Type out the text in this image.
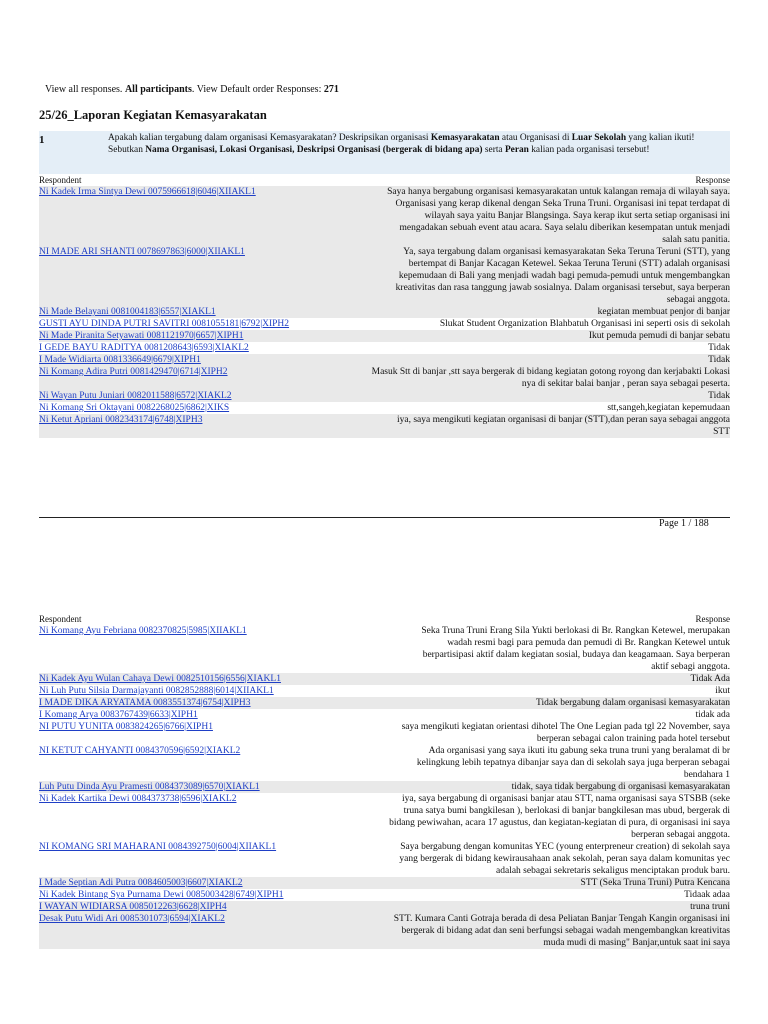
View all responses. All participants. View Default order Responses: 271
25/26_Laporan Kegiatan Kemasyarakatan
1	Apakah kalian tergabung dalam organisasi Kemasyarakatan? Deskripsikan organisasi Kemasyarakatan atau Organisasi di Luar Sekolah yang kalian ikuti! Sebutkan Nama Organisasi, Lokasi Organisasi, Deskripsi Organisasi (bergerak di bidang apa) serta Peran kalian pada organisasi tersebut!
Respondent	Response
Ni Kadek Irma Sintya Dewi 0075966618|6046|XIIAKL1	Saya hanya bergabung organisasi kemasyarakatan untuk kalangan remaja di wilayah saya. Organisasi yang kerap dikenal dengan Seka Truna Truni. Organisasi ini tepat terdapat di wilayah saya yaitu Banjar Blangsinga. Saya kerap ikut serta setiap organisasi ini mengadakan sebuah event atau acara. Saya selalu diberikan kesempatan untuk menjadi salah satu panitia.
NI MADE ARI SHANTI 0078697863|6000|XIIAKL1	Ya, saya tergabung dalam organisasi kemasyarakatan Seka Teruna Teruni (STT), yang bertempat di Banjar Kacagan Ketewel. Sekaa Teruna Teruni (STT) adalah organisasi kepemudaan di Bali yang menjadi wadah bagi pemuda-pemudi untuk mengembangkan kreativitas dan rasa tanggung jawab sosialnya. Dalam organisasi tersebut, saya berperan sebagai anggota.
Ni Made Belayani 0081004183|6557|XIAKL1	kegiatan membuat penjor di banjar
GUSTI AYU DINDA PUTRI SAVITRI 0081055181|6792|XIPH2	Slukat Student Organization Blahbatuh Organisasi ini seperti osis di sekolah
Ni Made Piranita Setyawati 0081121970|6657|XIPH1	Ikut pemuda pemudi di banjar sebatu
I GEDE BAYU RADITYA 0081208643|6593|XIAKL2	Tidak
I Made Widiarta 0081336649|6679|XIPH1	Tidak
Ni Komang Adira Putri 0081429470|6714|XIPH2	Masuk Stt di banjar ,stt saya bergerak di bidang kegiatan gotong royong dan kerjabakti Lokasi nya di sekitar balai banjar , peran saya sebagai peserta.
Ni Wayan Putu Juniari 0082011588|6572|XIAKL2	Tidak
Ni Komang Sri Oktayani 0082268025|6862|XIKS	stt,sangeh,kegiatan kepemudaan
Ni Ketut Apriani 0082343174|6748|XIPH3	iya, saya mengikuti kegiatan organisasi di banjar (STT),dan peran saya sebagai anggota STT
Page 1 / 188
Respondent	Response
Ni Komang Ayu Febriana 0082370825|5985|XIIAKL1	Seka Truna Truni Erang Sila Yukti berlokasi di Br. Rangkan Ketewel, merupakan wadah resmi bagi para pemuda dan pemudi di Br. Rangkan Ketewel untuk berpartisipasi aktif dalam kegiatan sosial, budaya dan keagamaan. Saya berperan aktif sebagi anggota.
Ni Kadek Ayu Wulan Cahaya Dewi 0082510156|6556|XIAKL1	Tidak Ada
Ni Luh Putu Silsia Darmajayanti 0082852888|6014|XIIAKL1	ikut
I MADE DIKA ARYATAMA 0083551374|6754|XIPH3	Tidak bergabung dalam organisasi kemasyarakatan
I Komang Arya 0083767439|6633|XIPH1	tidak ada
NI PUTU YUNITA 0083824265|6766|XIPH1	saya mengikuti kegiatan orientasi dihotel The One Legian pada tgl 22 November, saya berperan sebagai calon training pada hotel tersebut
NI KETUT CAHYANTI 0084370596|6592|XIAKL2	Ada organisasi yang saya ikuti itu gabung seka truna truni yang beralamat di br kelingkung lebih tepatnya dibanjar saya dan di sekolah saya juga berperan sebagai bendahara 1
Luh Putu Dinda Ayu Pramesti 0084373089|6570|XIAKL1	tidak, saya tidak bergabung di organisasi kemasyarakatan
Ni Kadek Kartika Dewi 0084373738|6596|XIAKL2	iya, saya bergabung di organisasi banjar atau STT, nama organisasi saya STSBB (seke truna satya bumi bangkilesan ), berlokasi di banjar bangkilesan mas ubud, bergerak di bidang pewiwahan, acara 17 agustus, dan kegiatan-kegiatan di pura, di organisasi ini saya berperan sebagai anggota.
NI KOMANG SRI MAHARANI 0084392750|6004|XIIAKL1	Saya bergabung dengan komunitas YEC (young enterpreneur creation) di sekolah saya yang bergerak di bidang kewirausahaan anak sekolah, peran saya dalam komunitas yec adalah sebagai sekretaris sekaligus menciptakan produk baru.
I Made Septian Adi Putra 0084605003|6607|XIAKL2	STT (Seka Truna Truni) Putra Kencana
Ni Kadek Bintang Sya Purnama Dewi 0085003428|6749|XIPH1	Tidaak adaa
I WAYAN WIDIARSA 0085012263|6628|XIPH4	truna truni
Desak Putu Widi Ari 0085301073|6594|XIAKL2	STT. Kumara Canti Gotraja berada di desa Peliatan Banjar Tengah Kangin organisasi ini bergerak di bidang adat dan seni berfungsi sebagai wadah mengembangkan kreativitas muda mudi di masing" Banjar,untuk saat ini saya
